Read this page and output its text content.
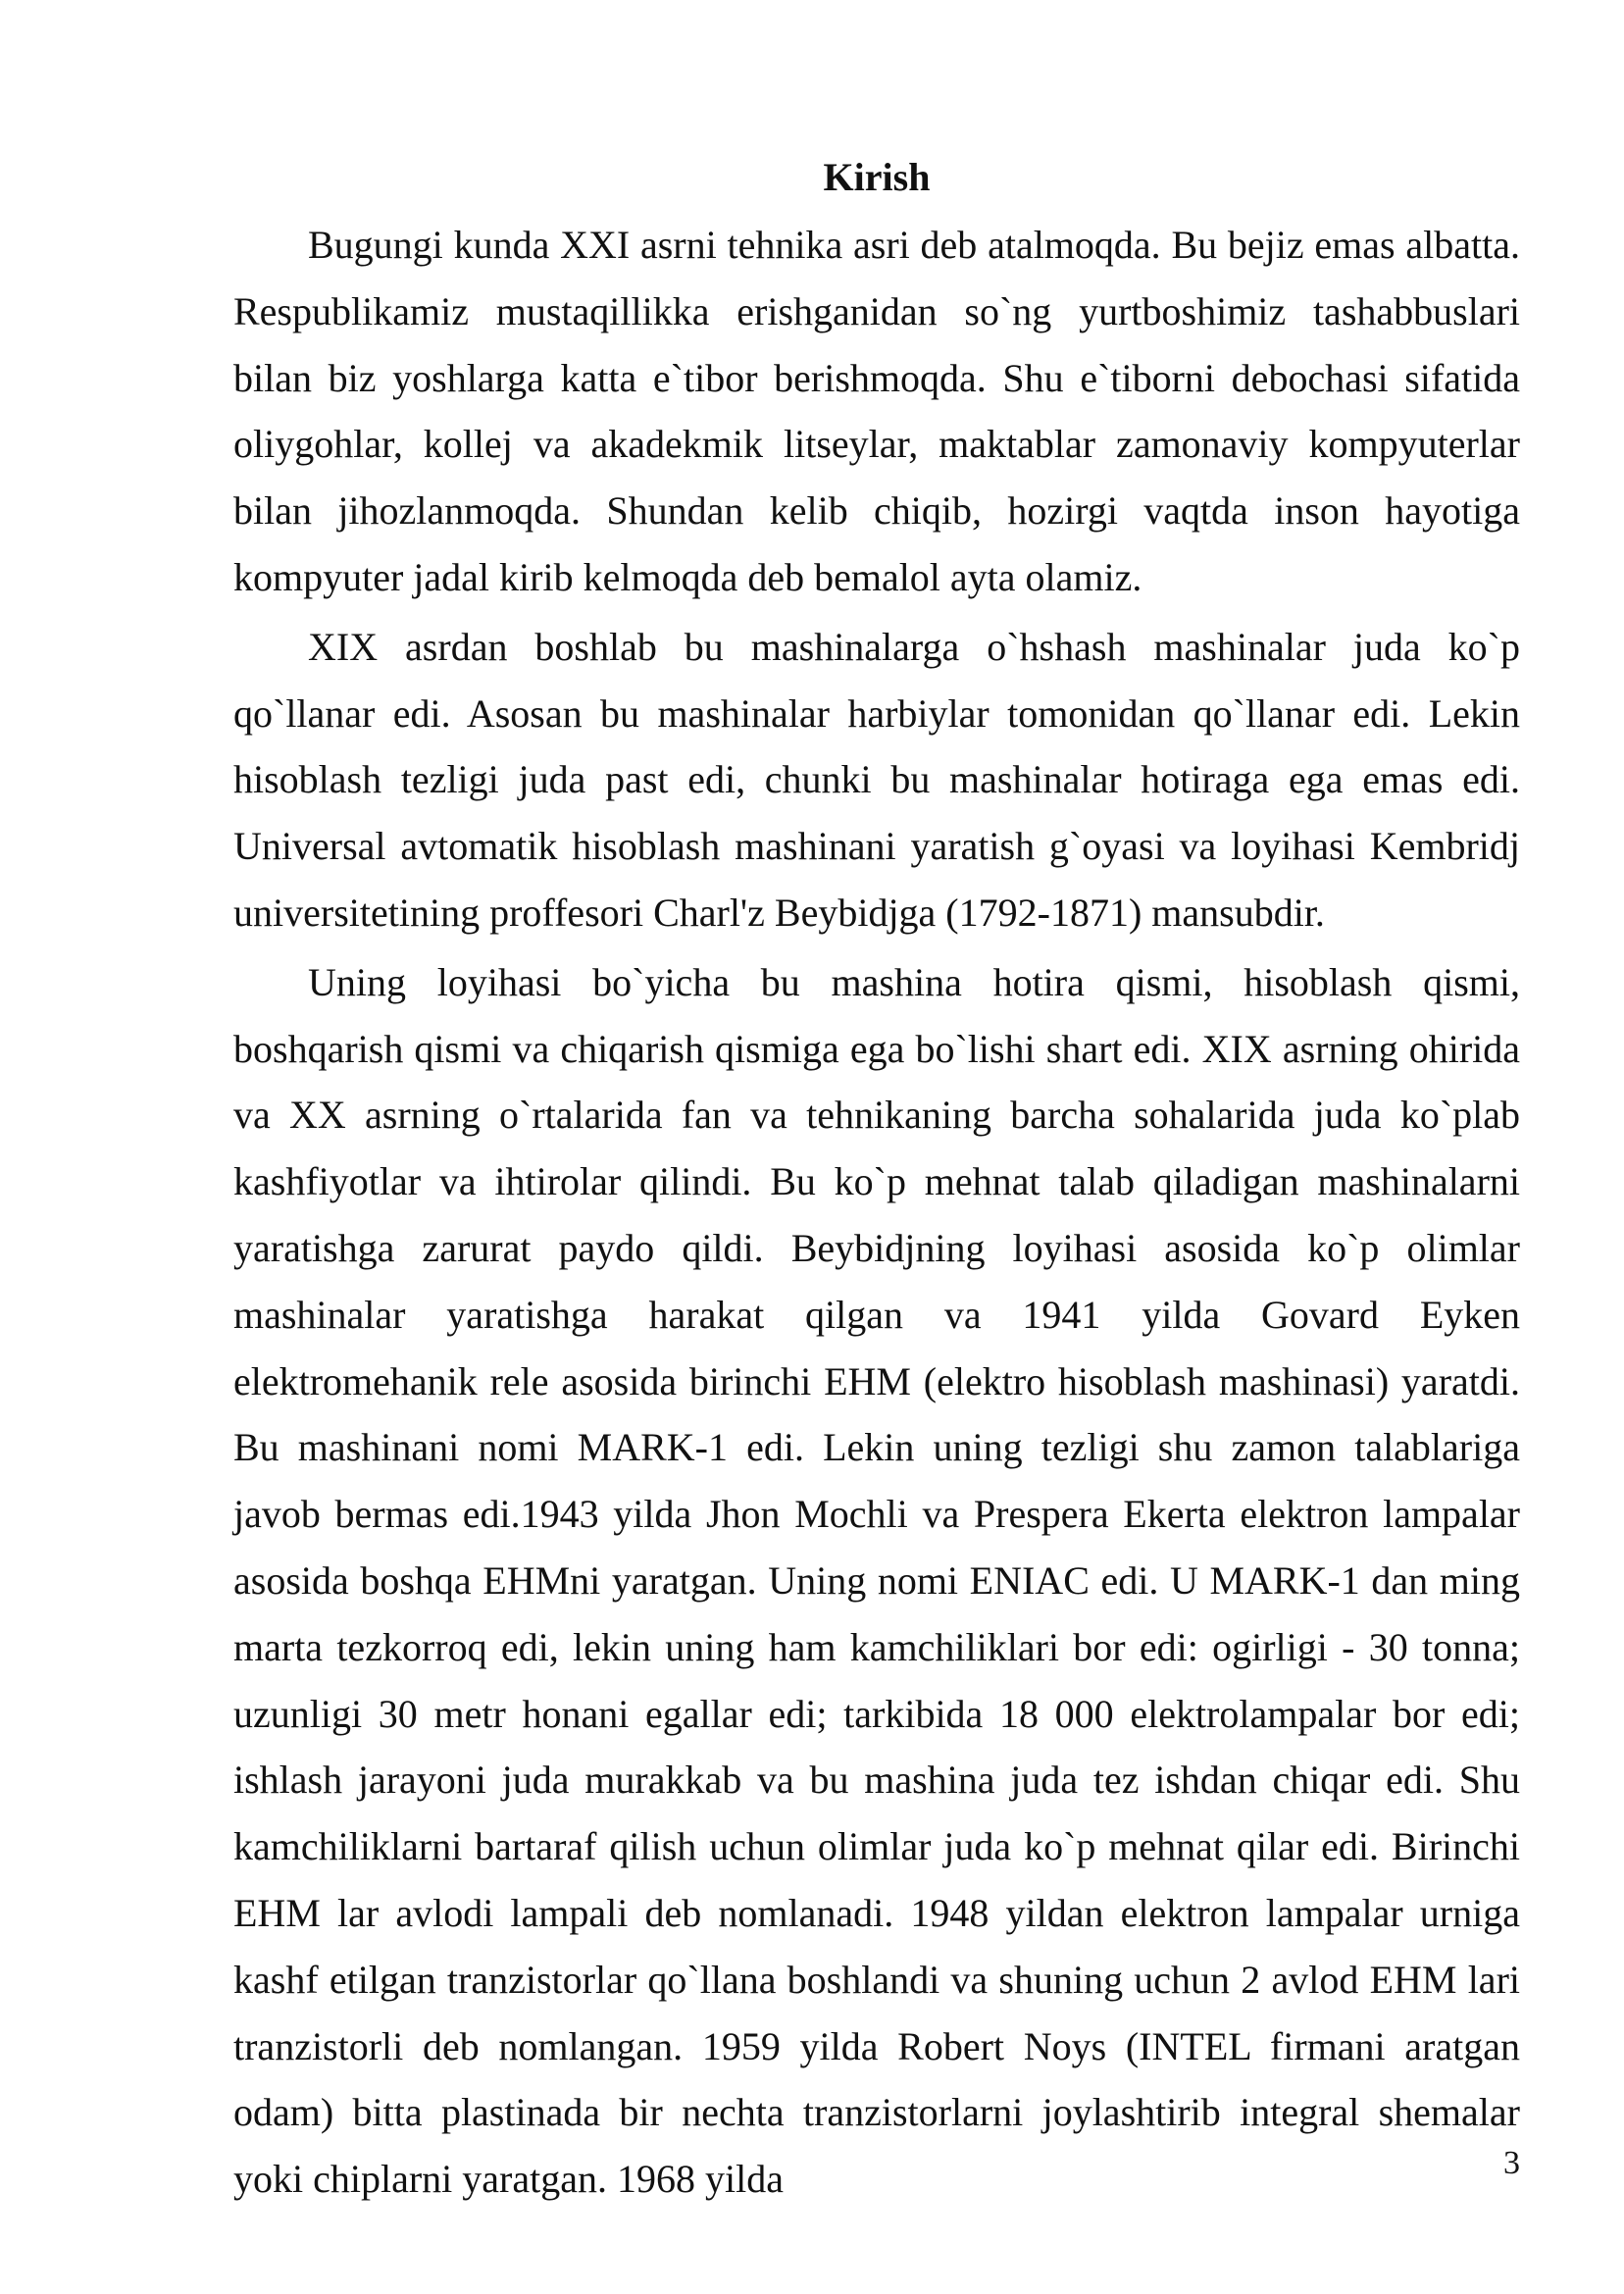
Kirish

Bugungi kunda XXI asrni tehnika asri deb atalmoqda. Bu bejiz emas albatta. Respublikamiz mustaqillikka erishganidan so`ng yurtboshimiz tashabbuslari bilan biz yoshlarga katta e`tibor berishmoqda. Shu e`tiborni debochasi sifatida oliygohlar, kollej va akadekmik litseylar, maktablar zamonaviy kompyuterlar bilan jihozlanmoqda. Shundan kelib chiqib, hozirgi vaqtda inson hayotiga kompyuter jadal kirib kelmoqda deb bemalol ayta olamiz.

XIX asrdan boshlab bu mashinalarga o`hshash mashinalar juda ko`p qo`llanar edi. Asosan bu mashinalar harbiylar tomonidan qo`llanar edi. Lekin hisoblash tezligi juda past edi, chunki bu mashinalar hotiraga ega emas edi. Universal avtomatik hisoblash mashinani yaratish g`oyasi va loyihasi Kembridj universitetining proffesori Charl'z Beybidjga (1792-1871) mansubdir.

Uning loyihasi bo`yicha bu mashina hotira qismi, hisoblash qismi, boshqarish qismi va chiqarish qismiga ega bo`lishi shart edi. XIX asrning ohirida va XX asrning o`rtalarida fan va tehnikaning barcha sohalarida juda ko`plab kashfiyotlar va ihtirolar qilindi. Bu ko`p mehnat talab qiladigan mashinalarni yaratishga zarurat paydo qildi. Beybidjning loyihasi asosida ko`p olimlar mashinalar yaratishga harakat qilgan va 1941 yilda Govard Eyken elektromehanik rele asosida birinchi EHM (elektro hisoblash mashinasi) yaratdi. Bu mashinani nomi MARK-1 edi. Lekin uning tezligi shu zamon talablariga javob bermas edi.1943 yilda Jhon Mochli va Prespera Ekerta elektron lampalar asosida boshqa EHMni yaratgan. Uning nomi ENIAC edi. U MARK-1 dan ming marta tezkorroq edi, lekin uning ham kamchiliklari bor edi: ogirligi - 30 tonna; uzunligi 30 metr honani egallar edi; tarkibida 18 000 elektrolampalar bor edi; ishlash jarayoni juda murakkab va bu mashina juda tez ishdan chiqar edi. Shu kamchiliklarni bartaraf qilish uchun olimlar juda ko`p mehnat qilar edi. Birinchi EHM lar avlodi lampali deb nomlanadi. 1948 yildan elektron lampalar urniga kashf etilgan tranzistorlar qo`llana boshlandi va shuning uchun 2 avlod EHM lari tranzistorli deb nomlangan. 1959 yilda Robert Noys (INTEL firmani aratgan odam) bitta plastinada bir nechta tranzistorlarni joylashtirib integral shemalar yoki chiplarni yaratgan. 1968 yilda	3
